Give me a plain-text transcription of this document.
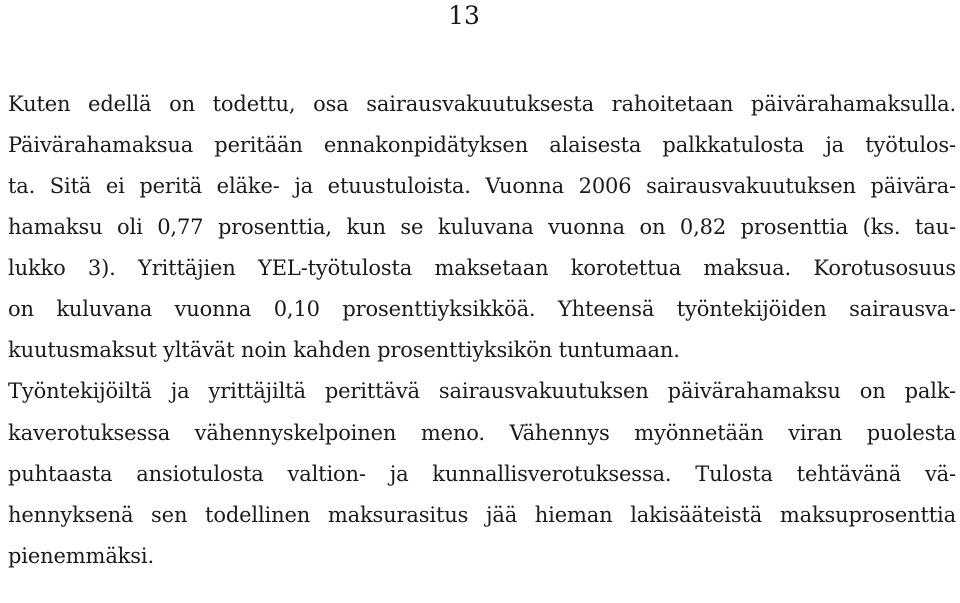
13
Kuten edellä on todettu, osa sairausvakuutuksesta rahoitetaan päivärahamaksulla.
Päivärahamaksua peritään ennakonpidätyksen alaisesta palkkatulosta ja työtulos-
ta. Sitä ei peritä eläke- ja etuustuloista. Vuonna 2006 sairausvakuutuksen päivära-
hamaksu oli 0,77 prosenttia, kun se kuluvana vuonna on 0,82 prosenttia (ks. tau-
lukko 3). Yrittäjien YEL-työtulosta maksetaan korotettua maksua. Korotusosuus
on kuluvana vuonna 0,10 prosenttiyksikköä. Yhteensä työntekijöiden sairausva-
kuutusmaksut yltävät noin kahden prosenttiyksikön tuntumaan.
Työntekijöiltä ja yrittäjiltä perittävä sairausvakuutuksen päivärahamaksu on palk-
kaverotuksessa vähennyskelpoinen meno. Vähennys myönnetään viran puolesta
puhtaasta ansiotulosta valtion- ja kunnallisverotuksessa. Tulosta tehtävänä vä-
hennyksenä sen todellinen maksurasitus jää hieman lakisääteistä maksuprosenttia
pienemmäksi.
